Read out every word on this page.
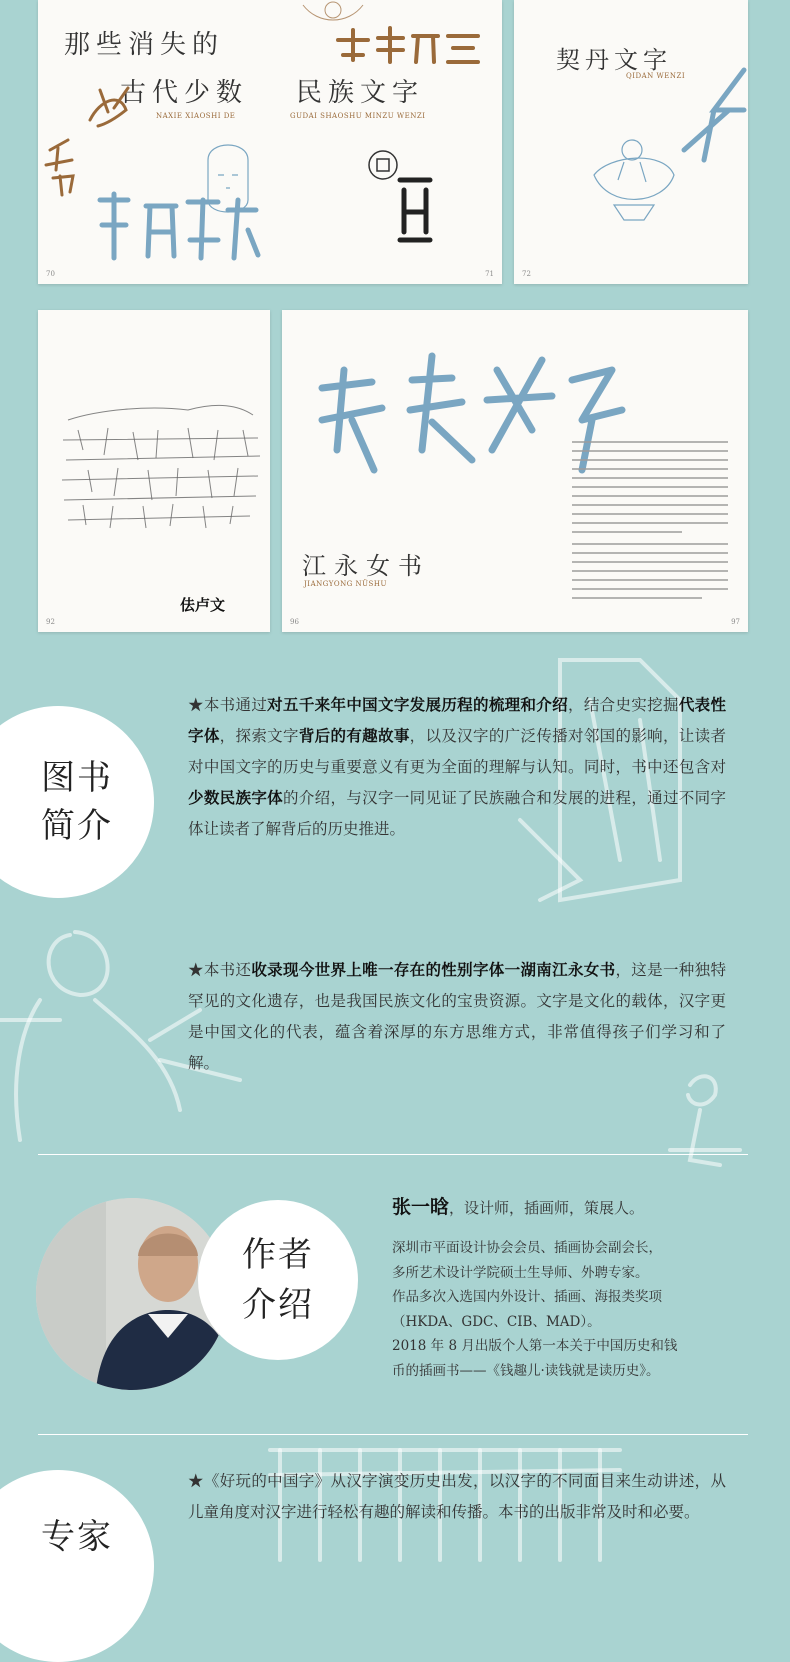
那些消失的
古代少数 民族文字
NAXIE XIAOSHI DE	GUDAI SHAOSHU MINZU WENZI
70	71
契丹文字
QIDAN WENZI
72
佉卢文
92
江永女书
JIANGYONG NÜSHU
96	97
图书
简介
★本书通过对五千来年中国文字发展历程的梳理和介绍，结合史实挖掘代表性字体，探索文字背后的有趣故事，以及汉字的广泛传播对邻国的影响，让读者对中国文字的历史与重要意义有更为全面的理解与认知。同时，书中还包含对少数民族字体的介绍，与汉字一同见证了民族融合和发展的进程，通过不同字体让读者了解背后的历史推进。
★本书还收录现今世界上唯一存在的性别字体一湖南江永女书，这是一种独特罕见的文化遗存，也是我国民族文化的宝贵资源。文字是文化的载体，汉字更是中国文化的代表，蕴含着深厚的东方思维方式，非常值得孩子们学习和了解。
作者
介绍
张一晗，设计师，插画师，策展人。
深圳市平面设计协会会员、插画协会副会长，
多所艺术设计学院硕士生导师、外聘专家。
作品多次入选国内外设计、插画、海报类奖项
（HKDA、GDC、CIB、MAD）。
2018 年 8 月出版个人第一本关于中国历史和钱
币的插画书——《钱趣儿·读钱就是读历史》。
专家
★《好玩的中国字》从汉字演变历史出发，以汉字的不同面目来生动讲述，从儿童角度对汉字进行轻松有趣的解读和传播。本书的出版非常及时和必要。
